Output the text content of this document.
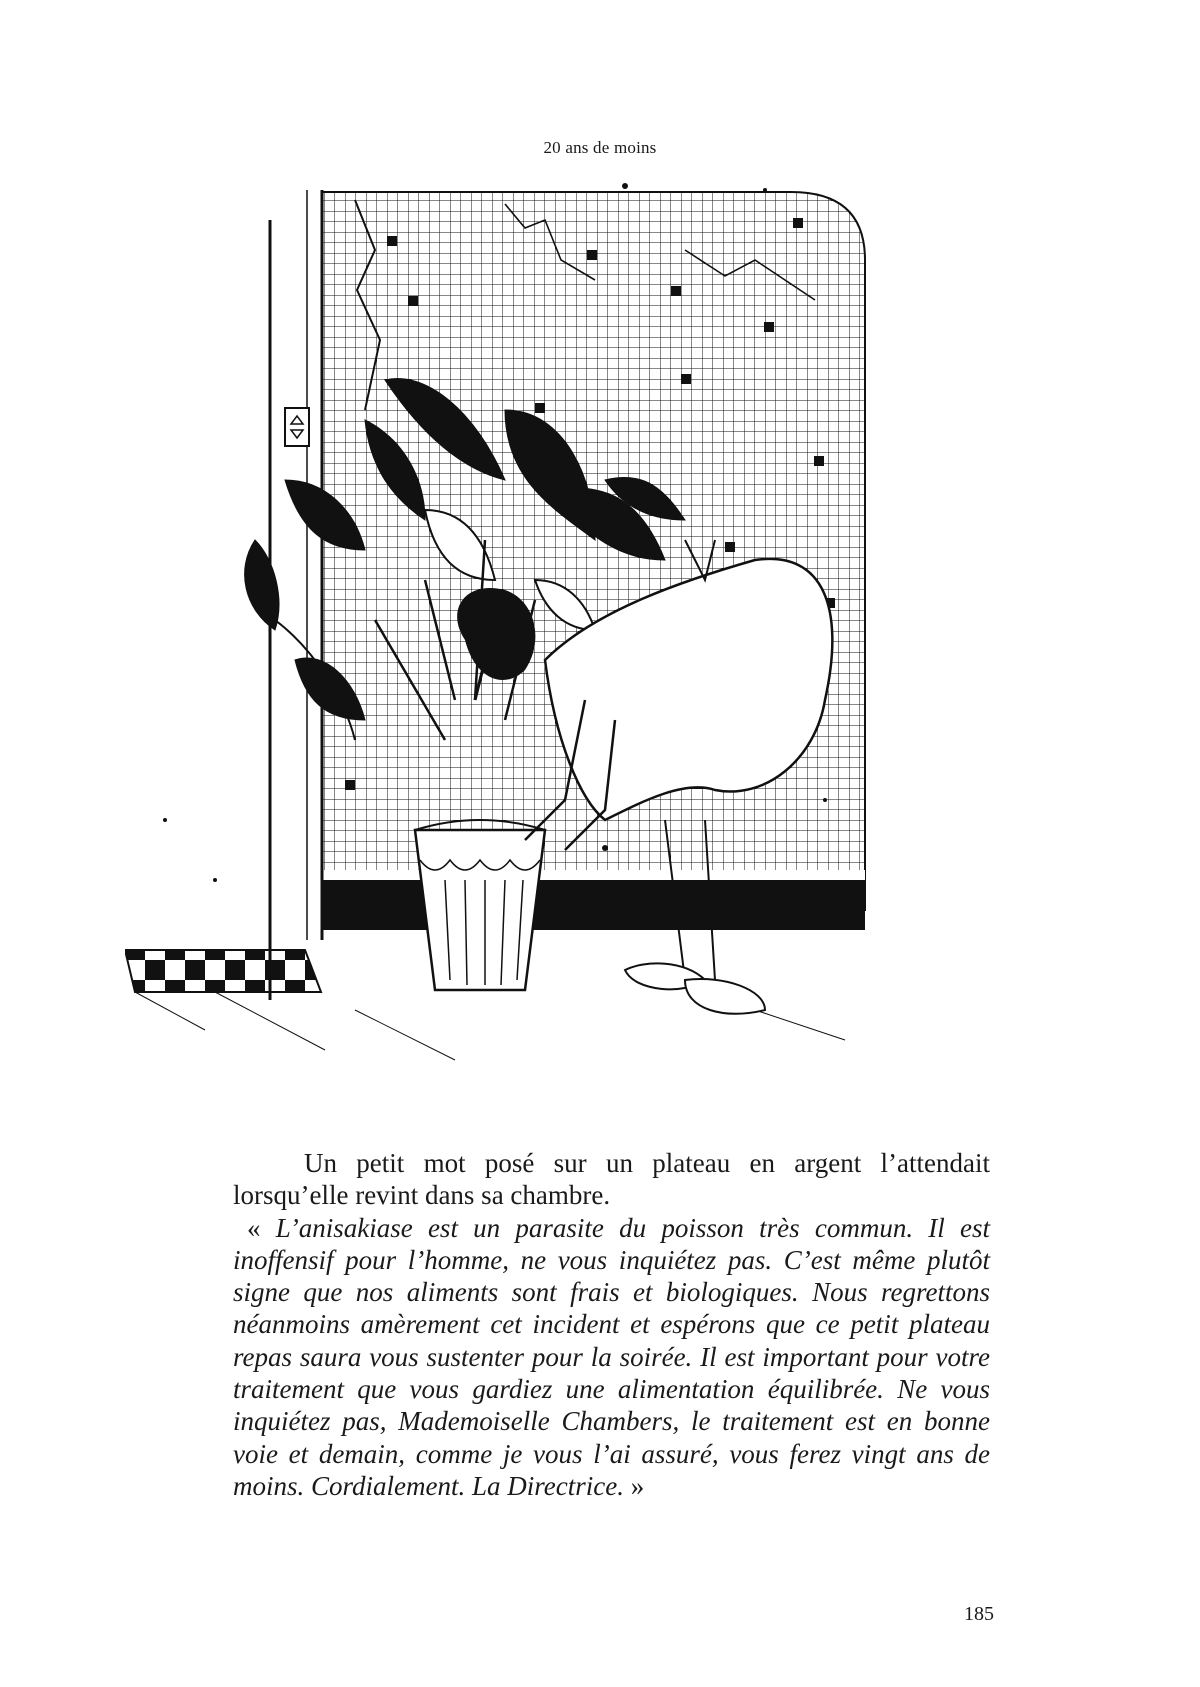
20 ans de moins

Un petit mot posé sur un plateau en argent l’attendait lorsqu’elle revint dans sa chambre.

« L’anisakiase est un parasite du poisson très commun. Il est inoffensif pour l’homme, ne vous inquiétez pas. C’est même plutôt signe que nos aliments sont frais et biologiques. Nous regrettons néanmoins amèrement cet incident et espérons que ce petit plateau repas saura vous sustenter pour la soirée. Il est important pour votre traitement que vous gardiez une alimentation équilibrée. Ne vous inquiétez pas, Mademoiselle Chambers, le traitement est en bonne voie et demain, comme je vous l’ai assuré, vous ferez vingt ans de moins. Cordialement. La Directrice. »

185
